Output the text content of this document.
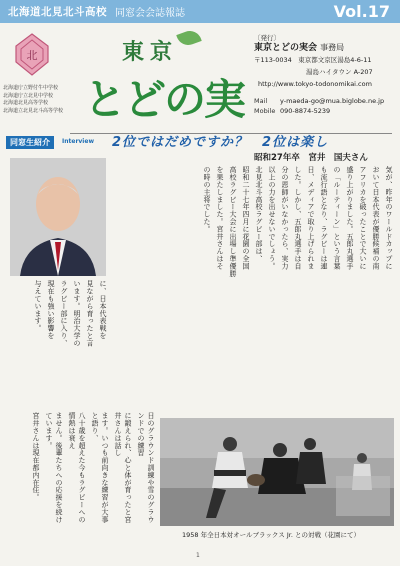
北海道北見北斗高校 同窓会会誌報誌	Vol.17
北
北海道庁立野付牛中学校
北海道庁立北見中学校
北海道北見高等学校
北海道立北見北斗高等学校
東京
とどの実
〔発行〕
東京とどの実会 事務局
〒113-0034　東京都文京区湯島4-6-11
湯島ハイタウン A-207
http://www.tokyo-todonomikai.com
Mail y-maeda-go@mua.biglobe.ne.jp
Mobile 090-8874-5239
同窓生紹介	Interview 2位ではだめですか？　2位は楽し
昭和27年卒　宮井　国夫さん
気が、昨年のワールドカップに
おいて日本代表が優勝候補の南
アフリカを破ったことで大いに
盛り上がりました。五郎丸選手
の「ルーティーン」という言葉
も流行語となり、ラグビーは連
日、メディアで取り上げられま
した。しかし、五郎丸選手は自
分の恩師がいなかったら、実力
以上の力を出せないでしょう。
北見北斗高校ラグビー部は、
昭和二十七年四月に花園の全国
高校ラグビー大会に出場し準優勝
を果たしました。宮井さんはそ
の時の主将でした。
に、日本代表戦を
見ながら育ったと言
います。明治大学の
ラグビー部に入り、
現在も強い影響を
与えています。
日のグラウンド訓練や雪のグラウンドでの練習
に鍛えられ、心と体が育ったと宮井さんは話し
ます。いつも前向きな練習が大事と語り、
八十歳を超えた今もラグビーへの情熱は衰え
ません。後輩たちへの応援を続けています。
宮井さんは現在都内在住。
1958 年全日本対オールブラックス Jr. との対戦（花園にて）
1
